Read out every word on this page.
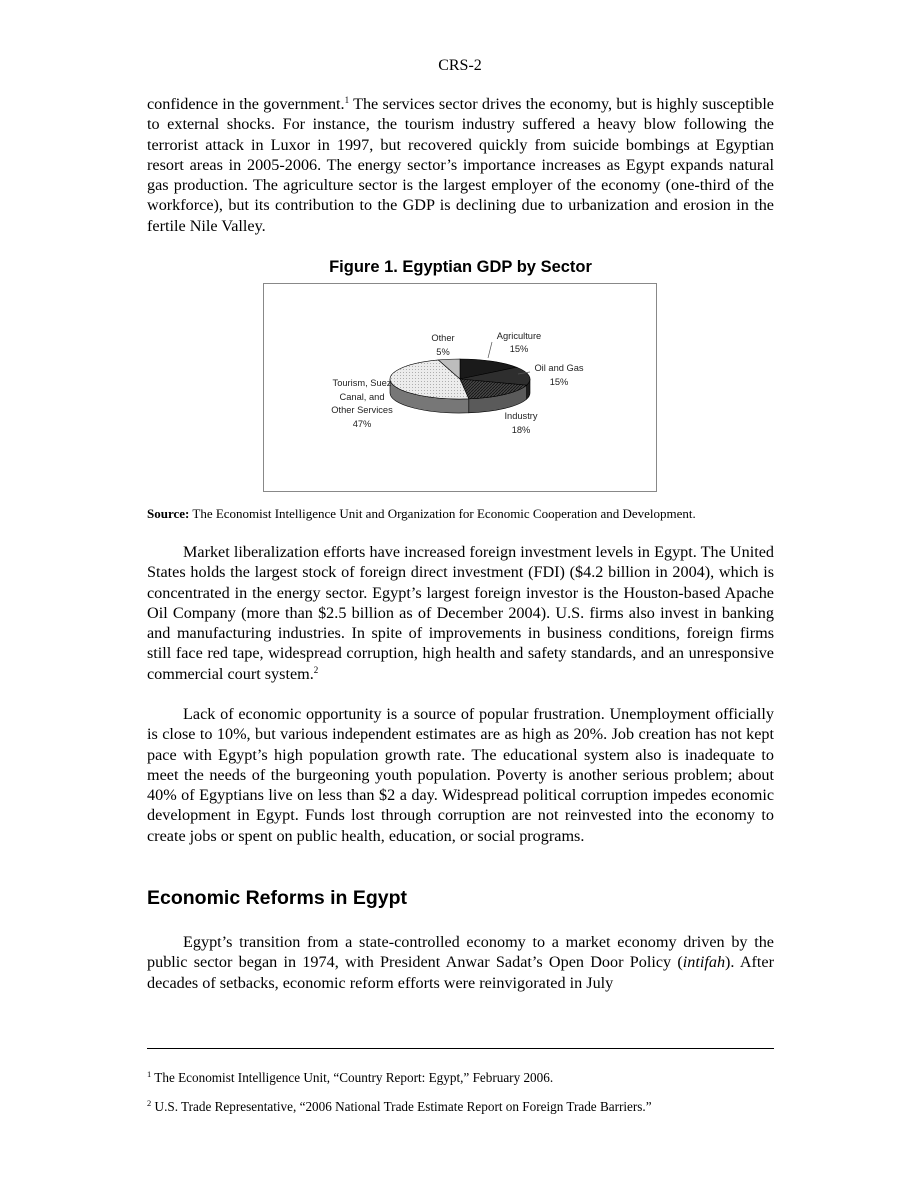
CRS-2
confidence in the government.$^1$ The services sector drives the economy, but is highly susceptible to external shocks. For instance, the tourism industry suffered a heavy blow following the terrorist attack in Luxor in 1997, but recovered quickly from suicide bombings at Egyptian resort areas in 2005-2006. The energy sector’s importance increases as Egypt expands natural gas production. The agriculture sector is the largest employer of the economy (one-third of the workforce), but its contribution to the GDP is declining due to urbanization and erosion in the fertile Nile Valley.
Figure 1. Egyptian GDP by Sector
Other
5%
Agriculture
15%
Oil and Gas
15%
Industry
18%
Tourism, Suez
Canal, and
Other Services
47%
Source: The Economist Intelligence Unit and Organization for Economic Cooperation and Development.
Market liberalization efforts have increased foreign investment levels in Egypt. The United States holds the largest stock of foreign direct investment (FDI) ($4.2 billion in 2004), which is concentrated in the energy sector. Egypt’s largest foreign investor is the Houston-based Apache Oil Company (more than $2.5 billion as of December 2004). U.S. firms also invest in banking and manufacturing industries. In spite of improvements in business conditions, foreign firms still face red tape, widespread corruption, high health and safety standards, and an unresponsive commercial court system.$^2$
Lack of economic opportunity is a source of popular frustration. Unemployment officially is close to 10%, but various independent estimates are as high as 20%. Job creation has not kept pace with Egypt’s high population growth rate. The educational system also is inadequate to meet the needs of the burgeoning youth population. Poverty is another serious problem; about 40% of Egyptians live on less than $2 a day. Widespread political corruption impedes economic development in Egypt. Funds lost through corruption are not reinvested into the economy to create jobs or spent on public health, education, or social programs.
Economic Reforms in Egypt
Egypt’s transition from a state-controlled economy to a market economy driven by the public sector began in 1974, with President Anwar Sadat’s Open Door Policy (intifah). After decades of setbacks, economic reform efforts were reinvigorated in July
$^1$ The Economist Intelligence Unit, “Country Report: Egypt,” February 2006.
$^2$ U.S. Trade Representative, “2006 National Trade Estimate Report on Foreign Trade Barriers.”
